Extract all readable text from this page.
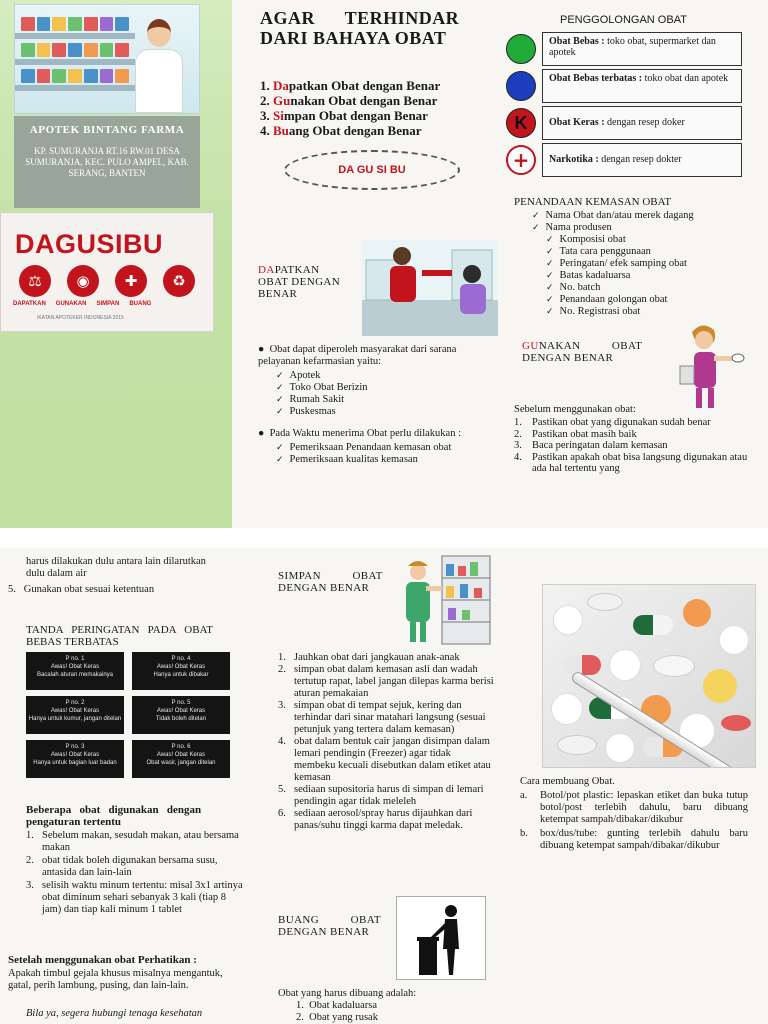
APOTEK BINTANG FARMA
KP. SUMURANJA RT.16 RW.01 DESA SUMURANJA, KEC. PULO AMPEL, KAB. SERANG, BANTEN
DAGUSIBU
⚖	◉	✚	♻
DAPATKAN GUNAKAN SIMPAN BUANG
IKATAN APOTEKER INDONESIA 2015
AGAR      TERHINDAR
DARI BAHAYA OBAT
1. Dapatkan Obat dengan Benar
2. Gunakan Obat dengan Benar
3. Simpan Obat dengan Benar
4. Buang Obat dengan Benar
DA GU SI BU
DAPATKAN
OBAT DENGAN
BENAR
●  Obat dapat diperoleh masyarakat dari sarana pelayanan kefarmasian yaitu:
✓ Apotek
✓ Toko Obat Berizin
✓ Rumah Sakit
✓ Puskesmas
●  Pada Waktu menerima Obat perlu dilakukan :
✓ Pemeriksaan Penandaan kemasan obat
✓ Pemeriksaan kualitas kemasan
PENGGOLONGAN OBAT
Obat Bebas : toko obat, supermarket dan apotek
Obat Bebas terbatas : toko obat dan apotek
K	Obat Keras : dengan resep doker
+	Narkotika : dengan resep dokter
PENANDAAN KEMASAN OBAT
✓ Nama Obat dan/atau merek dagang
✓ Nama produsen
✓ Komposisi obat
✓ Tata cara penggunaan
✓ Peringatan/ efek samping obat
✓ Batas kadaluarsa
✓ No. batch
✓ Penandaan golongan obat
✓ No. Registrasi obat
GUNAKAN          OBAT
DENGAN BENAR
Sebelum menggunakan obat:
1. Pastikan obat yang digunakan sudah benar
2. Pastikan obat masih baik
3. Baca peringatan dalam kemasan
4. Pastikan apakah obat bisa langsung digunakan atau ada hal tertentu yang
harus dilakukan dulu antara lain dilarutkan
dulu dalam air
5.   Gunakan obat sesuai ketentuan
TANDA   PERINGATAN   PADA   OBAT
BEBAS TERBATAS
P no. 1
Awas! Obat Keras
Bacalah aturan memakainya
P no. 4
Awas! Obat Keras
Hanya untuk dibakar
P no. 2
Awas! Obat Keras
Hanya untuk kumur, jangan ditelan
P no. 5
Awas! Obat Keras
Tidak boleh ditelan
P no. 3
Awas! Obat Keras
Hanya untuk bagian luar badan
P no. 6
Awas! Obat Keras
Obat wasir, jangan ditelan
Beberapa   obat   digunakan   dengan pengaturan tertentu
1. Sebelum makan, sesudah makan, atau bersama makan
2. obat tidak boleh digunakan bersama susu, antasida dan lain-lain
3. selisih waktu minum tertentu: misal 3x1 artinya obat diminum sehari sebanyak 3 kali (tiap 8 jam) dan tiap kali minum 1 tablet
Setelah menggunakan obat Perhatikan :
Apakah timbul gejala khusus misalnya mengantuk, gatal, perih lambung, pusing, dan lain-lain.
Bila ya, segera hubungi tenaga kesehatan
SIMPAN          OBAT
DENGAN BENAR
1. Jauhkan obat dari jangkauan anak-anak
2. simpan obat dalam kemasan asli dan wadah tertutup rapat, label jangan dilepas karma berisi aturan pemakaian
3. simpan obat di tempat sejuk, kering dan terhindar dari sinar matahari langsung (sesuai petunjuk yang tertera dalam kemasan)
4. obat dalam bentuk cair jangan disimpan dalam lemari pendingin (Freezer) agar tidak membeku kecuali disebutkan dalam etiket atau kemasan
5. sediaan supositoria harus di simpan di lemari pendingin agar tidak meleleh
6. sediaan aerosol/spray harus dijauhkan dari panas/suhu tinggi karma dapat meledak.
BUANG          OBAT
DENGAN BENAR
Obat yang harus dibuang adalah:
1.  Obat kadaluarsa
2.  Obat yang rusak
Cara membuang Obat.
a.	Botol/pot plastic: lepaskan etiket dan buka tutup botol/post terlebih dahulu, baru dibuang ketempat sampah/dibakar/dikubur
b.	box/dus/tube: gunting terlebih dahulu baru dibuang ketempat sampah/dibakar/dikubur
